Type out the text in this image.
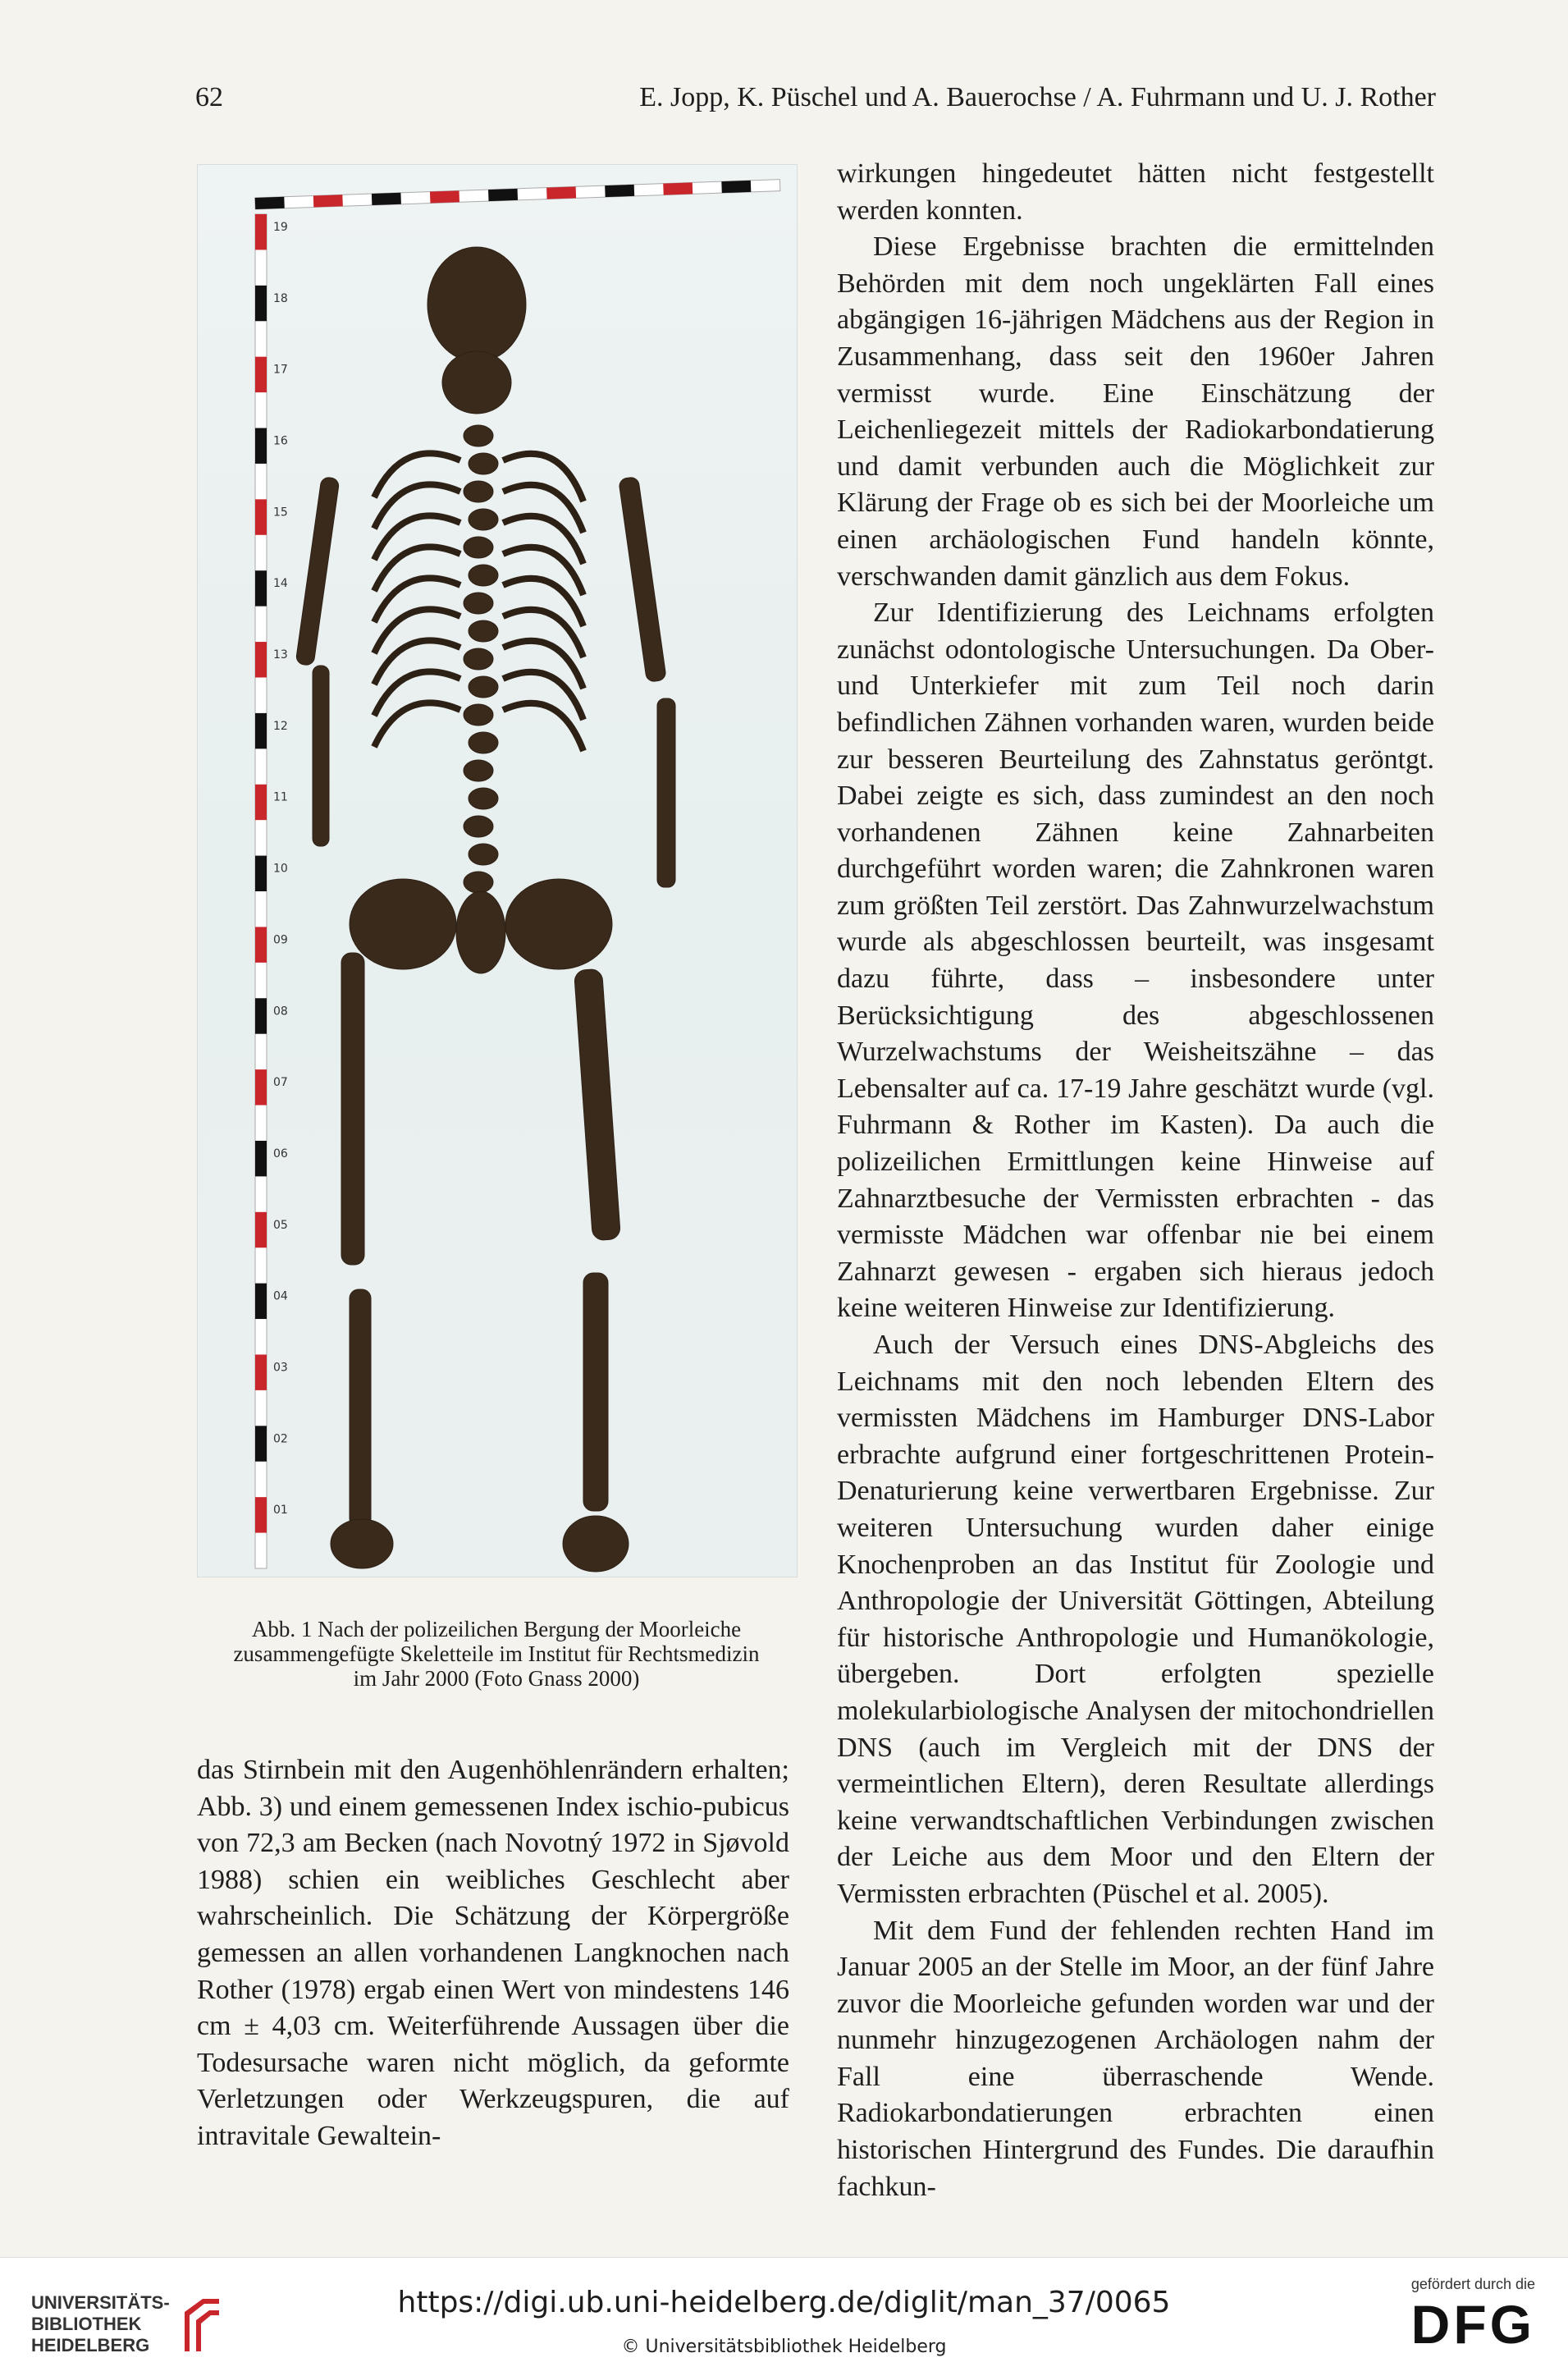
62	E. Jopp, K. Püschel und A. Bauerochse / A. Fuhrmann und U. J. Rother
19
18
17
16
15
14
13
12
11
10
09
08
07
06
05
04
03
02
01
Abb. 1 Nach der polizeilichen Bergung der Moorleiche
zusammengefügte Skeletteile im Institut für Rechtsmedizin
im Jahr 2000 (Foto Gnass 2000)

das Stirnbein mit den Augenhöhlenrändern erhalten; Abb. 3) und einem gemessenen Index ischio-pubicus von 72,3 am Becken (nach Novotný 1972 in Sjøvold 1988) schien ein weibliches Geschlecht aber wahrscheinlich. Die Schätzung der Körpergröße gemessen an allen vorhandenen Langknochen nach Rother (1978) ergab einen Wert von mindestens 146 cm ± 4,03 cm. Weiterführende Aussagen über die Todesursache waren nicht möglich, da geformte Verletzungen oder Werkzeugspuren, die auf intravitale Gewaltein-

wirkungen hingedeutet hätten nicht festgestellt werden konnten.

Diese Ergebnisse brachten die ermittelnden Behörden mit dem noch ungeklärten Fall eines abgängigen 16-jährigen Mädchens aus der Region in Zusammenhang, dass seit den 1960er Jahren vermisst wurde. Eine Einschätzung der Leichenliegezeit mittels der Radiokarbondatierung und damit verbunden auch die Möglichkeit zur Klärung der Frage ob es sich bei der Moorleiche um einen archäologischen Fund handeln könnte, verschwanden damit gänzlich aus dem Fokus.

Zur Identifizierung des Leichnams erfolgten zunächst odontologische Untersuchungen. Da Ober- und Unterkiefer mit zum Teil noch darin befindlichen Zähnen vorhanden waren, wurden beide zur besseren Beurteilung des Zahnstatus geröntgt. Dabei zeigte es sich, dass zumindest an den noch vorhandenen Zähnen keine Zahnarbeiten durchgeführt worden waren; die Zahnkronen waren zum größten Teil zerstört. Das Zahnwurzelwachstum wurde als abgeschlossen beurteilt, was insgesamt dazu führte, dass – insbesondere unter Berücksichtigung des abgeschlossenen Wurzelwachstums der Weisheitszähne – das Lebensalter auf ca. 17-19 Jahre geschätzt wurde (vgl. Fuhrmann & Rother im Kasten). Da auch die polizeilichen Ermittlungen keine Hinweise auf Zahnarztbesuche der Vermissten erbrachten - das vermisste Mädchen war offenbar nie bei einem Zahnarzt gewesen - ergaben sich hieraus jedoch keine weiteren Hinweise zur Identifizierung.

Auch der Versuch eines DNS-Abgleichs des Leichnams mit den noch lebenden Eltern des vermissten Mädchens im Hamburger DNS-Labor erbrachte aufgrund einer fortgeschrittenen Protein-Denaturierung keine verwertbaren Ergebnisse. Zur weiteren Untersuchung wurden daher einige Knochenproben an das Institut für Zoologie und Anthropologie der Universität Göttingen, Abteilung für historische Anthropologie und Humanökologie, übergeben. Dort erfolgten spezielle molekularbiologische Analysen der mitochondriellen DNS (auch im Vergleich mit der DNS der vermeintlichen Eltern), deren Resultate allerdings keine verwandtschaftlichen Verbindungen zwischen der Leiche aus dem Moor und den Eltern der Vermissten erbrachten (Püschel et al. 2005).

Mit dem Fund der fehlenden rechten Hand im Januar 2005 an der Stelle im Moor, an der fünf Jahre zuvor die Moorleiche gefunden worden war und der nunmehr hinzugezogenen Archäologen nahm der Fall eine überraschende Wende. Radiokarbondatierungen erbrachten einen historischen Hintergrund des Fundes. Die daraufhin fachkun-

UNIVERSITÄTS-
BIBLIOTHEK
HEIDELBERG
https://digi.ub.uni-heidelberg.de/diglit/man_37/0065
© Universitätsbibliothek Heidelberg
gefördert durch die
DFG
